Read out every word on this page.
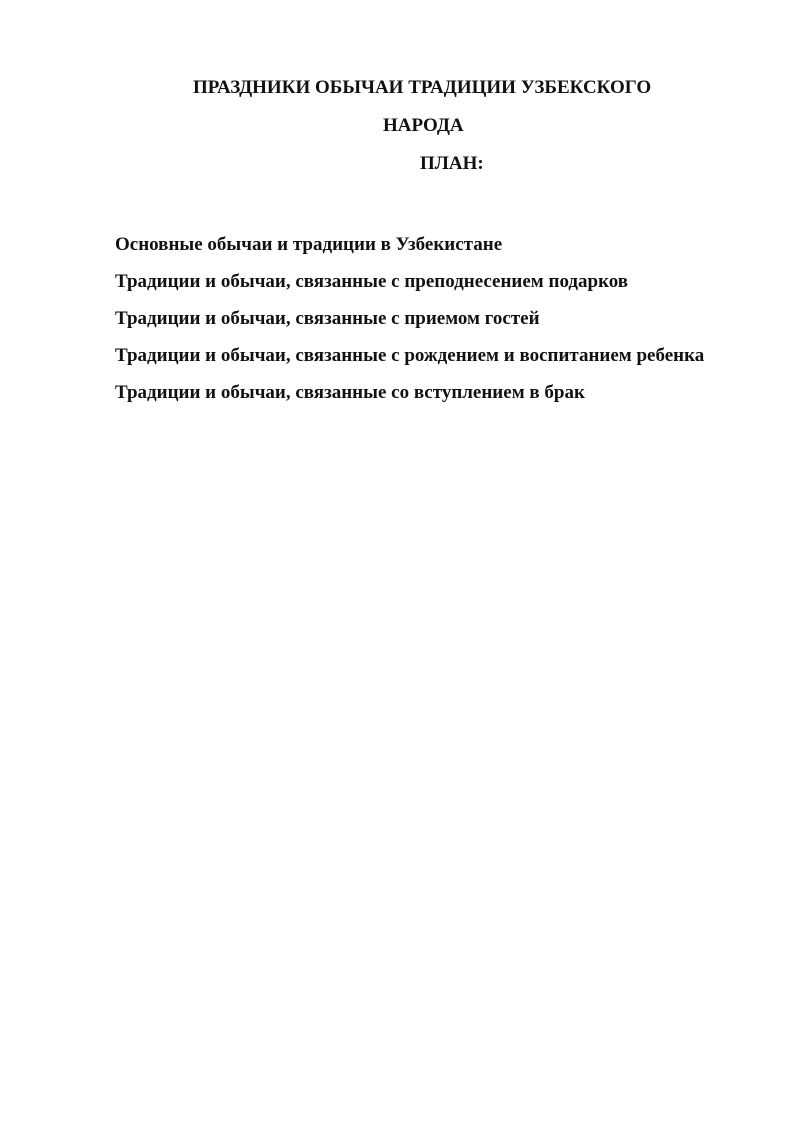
ПРАЗДНИКИ ОБЫЧАИ ТРАДИЦИИ УЗБЕКСКОГО
НАРОДА
ПЛАН:
Основные обычаи и традиции в Узбекистане
Традиции и обычаи, связанные с преподнесением подарков
Традиции и обычаи, связанные с приемом гостей
Традиции и обычаи, связанные с рождением и воспитанием ребенка
Традиции и обычаи, связанные со вступлением в брак
